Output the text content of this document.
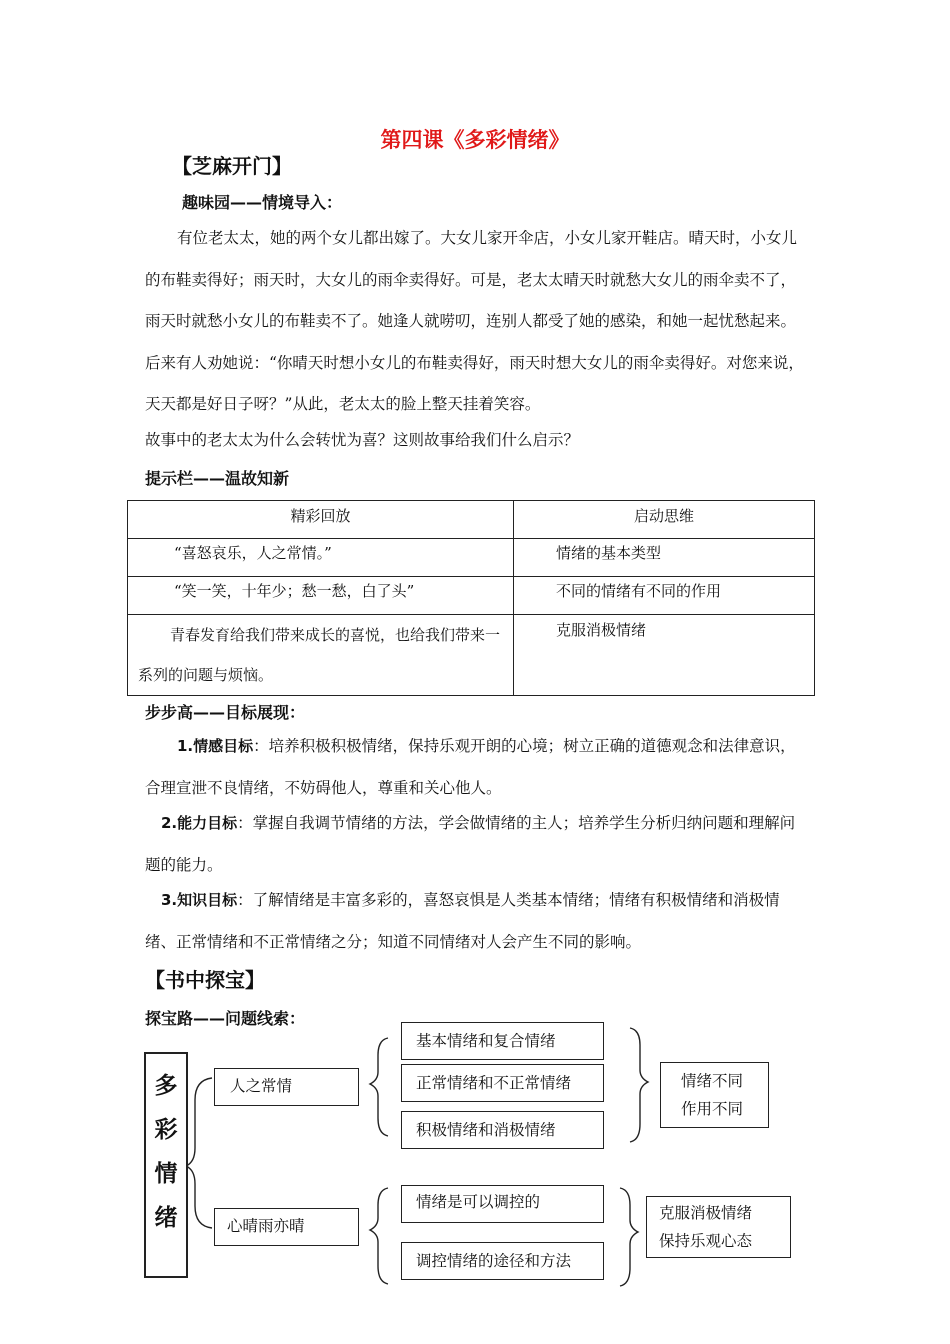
第四课《多彩情绪》
【芝麻开门】
趣味园——情境导入：
有位老太太，她的两个女儿都出嫁了。大女儿家开伞店，小女儿家开鞋店。晴天时，小女儿的布鞋卖得好；雨天时，大女儿的雨伞卖得好。可是，老太太晴天时就愁大女儿的雨伞卖不了，雨天时就愁小女儿的布鞋卖不了。她逢人就唠叨，连别人都受了她的感染，和她一起忧愁起来。后来有人劝她说：“你晴天时想小女儿的布鞋卖得好，雨天时想大女儿的雨伞卖得好。对您来说，天天都是好日子呀？”从此，老太太的脸上整天挂着笑容。
故事中的老太太为什么会转忧为喜？这则故事给我们什么启示？
提示栏——温故知新
精彩回放	启动思维
“喜怒哀乐，人之常情。”	情绪的基本类型
“笑一笑，十年少；愁一愁，白了头”	不同的情绪有不同的作用
青春发育给我们带来成长的喜悦，也给我们带来一系列的问题与烦恼。	克服消极情绪
步步高——目标展现：
1.情感目标：培养积极积极情绪，保持乐观开朗的心境；树立正确的道德观念和法律意识，合理宣泄不良情绪，不妨碍他人，尊重和关心他人。
2.能力目标：掌握自我调节情绪的方法，学会做情绪的主人；培养学生分析归纳问题和理解问题的能力。
3.知识目标：了解情绪是丰富多彩的，喜怒哀惧是人类基本情绪；情绪有积极情绪和消极情绪、正常情绪和不正常情绪之分；知道不同情绪对人会产生不同的影响。
【书中探宝】
探宝路——问题线索：
多
彩
情
绪
人之常情
基本情绪和复合情绪
正常情绪和不正常情绪
积极情绪和消极情绪
情绪不同
作用不同
心晴雨亦晴
情绪是可以调控的
调控情绪的途径和方法
克服消极情绪
保持乐观心态
